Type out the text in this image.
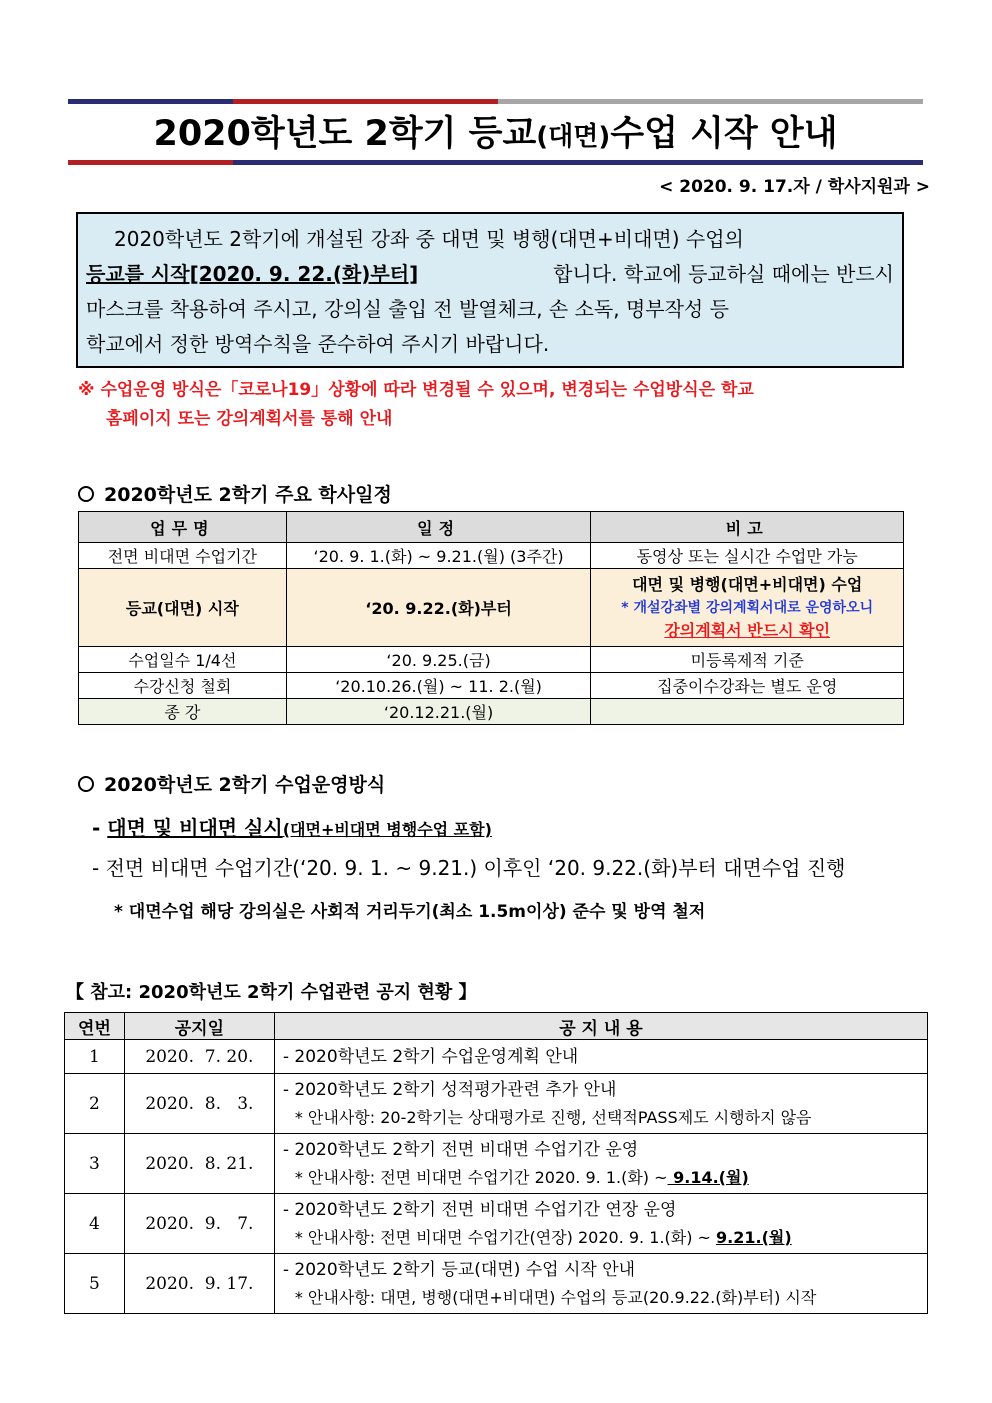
2020학년도 2학기 등교(대면)수업 시작 안내
< 2020. 9. 17.자 / 학사지원과 >
2020학년도 2학기에 개설된 강좌 중 대면 및 병행(대면+비대면) 수업의
등교를 시작[2020. 9. 22.(화)부터]	합니다. 학교에 등교하실 때에는 반드시
마스크를 착용하여 주시고, 강의실 출입 전 발열체크, 손 소독, 명부작성 등
학교에서 정한 방역수칙을 준수하여 주시기 바랍니다.
※ 수업운영 방식은「코로나19」상황에 따라 변경될 수 있으며, 변경되는 수업방식은 학교
홈페이지 또는 강의계획서를 통해 안내
2020학년도 2학기 주요 학사일정
업무명	일정	비고
전면 비대면 수업기간	‘20. 9. 1.(화) ~ 9.21.(월) (3주간)	동영상 또는 실시간 수업만 가능
등교(대면) 시작	‘20. 9.22.(화)부터	대면 및 병행(대면+비대면) 수업
* 개설강좌별 강의계획서대로 운영하오니
강의계획서 반드시 확인

수업일수 1/4선	‘20. 9.25.(금)	미등록제적 기준
수강신청 철회	‘20.10.26.(월) ~ 11. 2.(월)	집중이수강좌는 별도 운영
종 강	‘20.12.21.(월)	
2020학년도 2학기 수업운영방식
- 대면 및 비대면 실시(대면+비대면 병행수업 포함)
- 전면 비대면 수업기간(‘20. 9. 1. ~ 9.21.) 이후인 ‘20. 9.22.(화)부터 대면수업 진행
* 대면수업 해당 강의실은 사회적 거리두기(최소 1.5m이상) 준수 및 방역 철저
【 참고: 2020학년도 2학기 수업관련 공지 현황 】
연번	공지일	공 지 내 용
1	2020.  7. 20.	- 2020학년도 2학기 수업운영계획 안내

2	2020.  8.   3.	- 2020학년도 2학기 성적평가관련 추가 안내
* 안내사항: 20-2학기는 상대평가로 진행, 선택적PASS제도 시행하지 않음

3	2020.  8. 21.	- 2020학년도 2학기 전면 비대면 수업기간 운영
* 안내사항: 전면 비대면 수업기간 2020. 9. 1.(화) ~ 9.14.(월)

4	2020.  9.   7.	- 2020학년도 2학기 전면 비대면 수업기간 연장 운영
* 안내사항: 전면 비대면 수업기간(연장) 2020. 9. 1.(화) ~ 9.21.(월)

5	2020.  9. 17.	- 2020학년도 2학기 등교(대면) 수업 시작 안내
* 안내사항: 대면, 병행(대면+비대면) 수업의 등교(20.9.22.(화)부터) 시작
